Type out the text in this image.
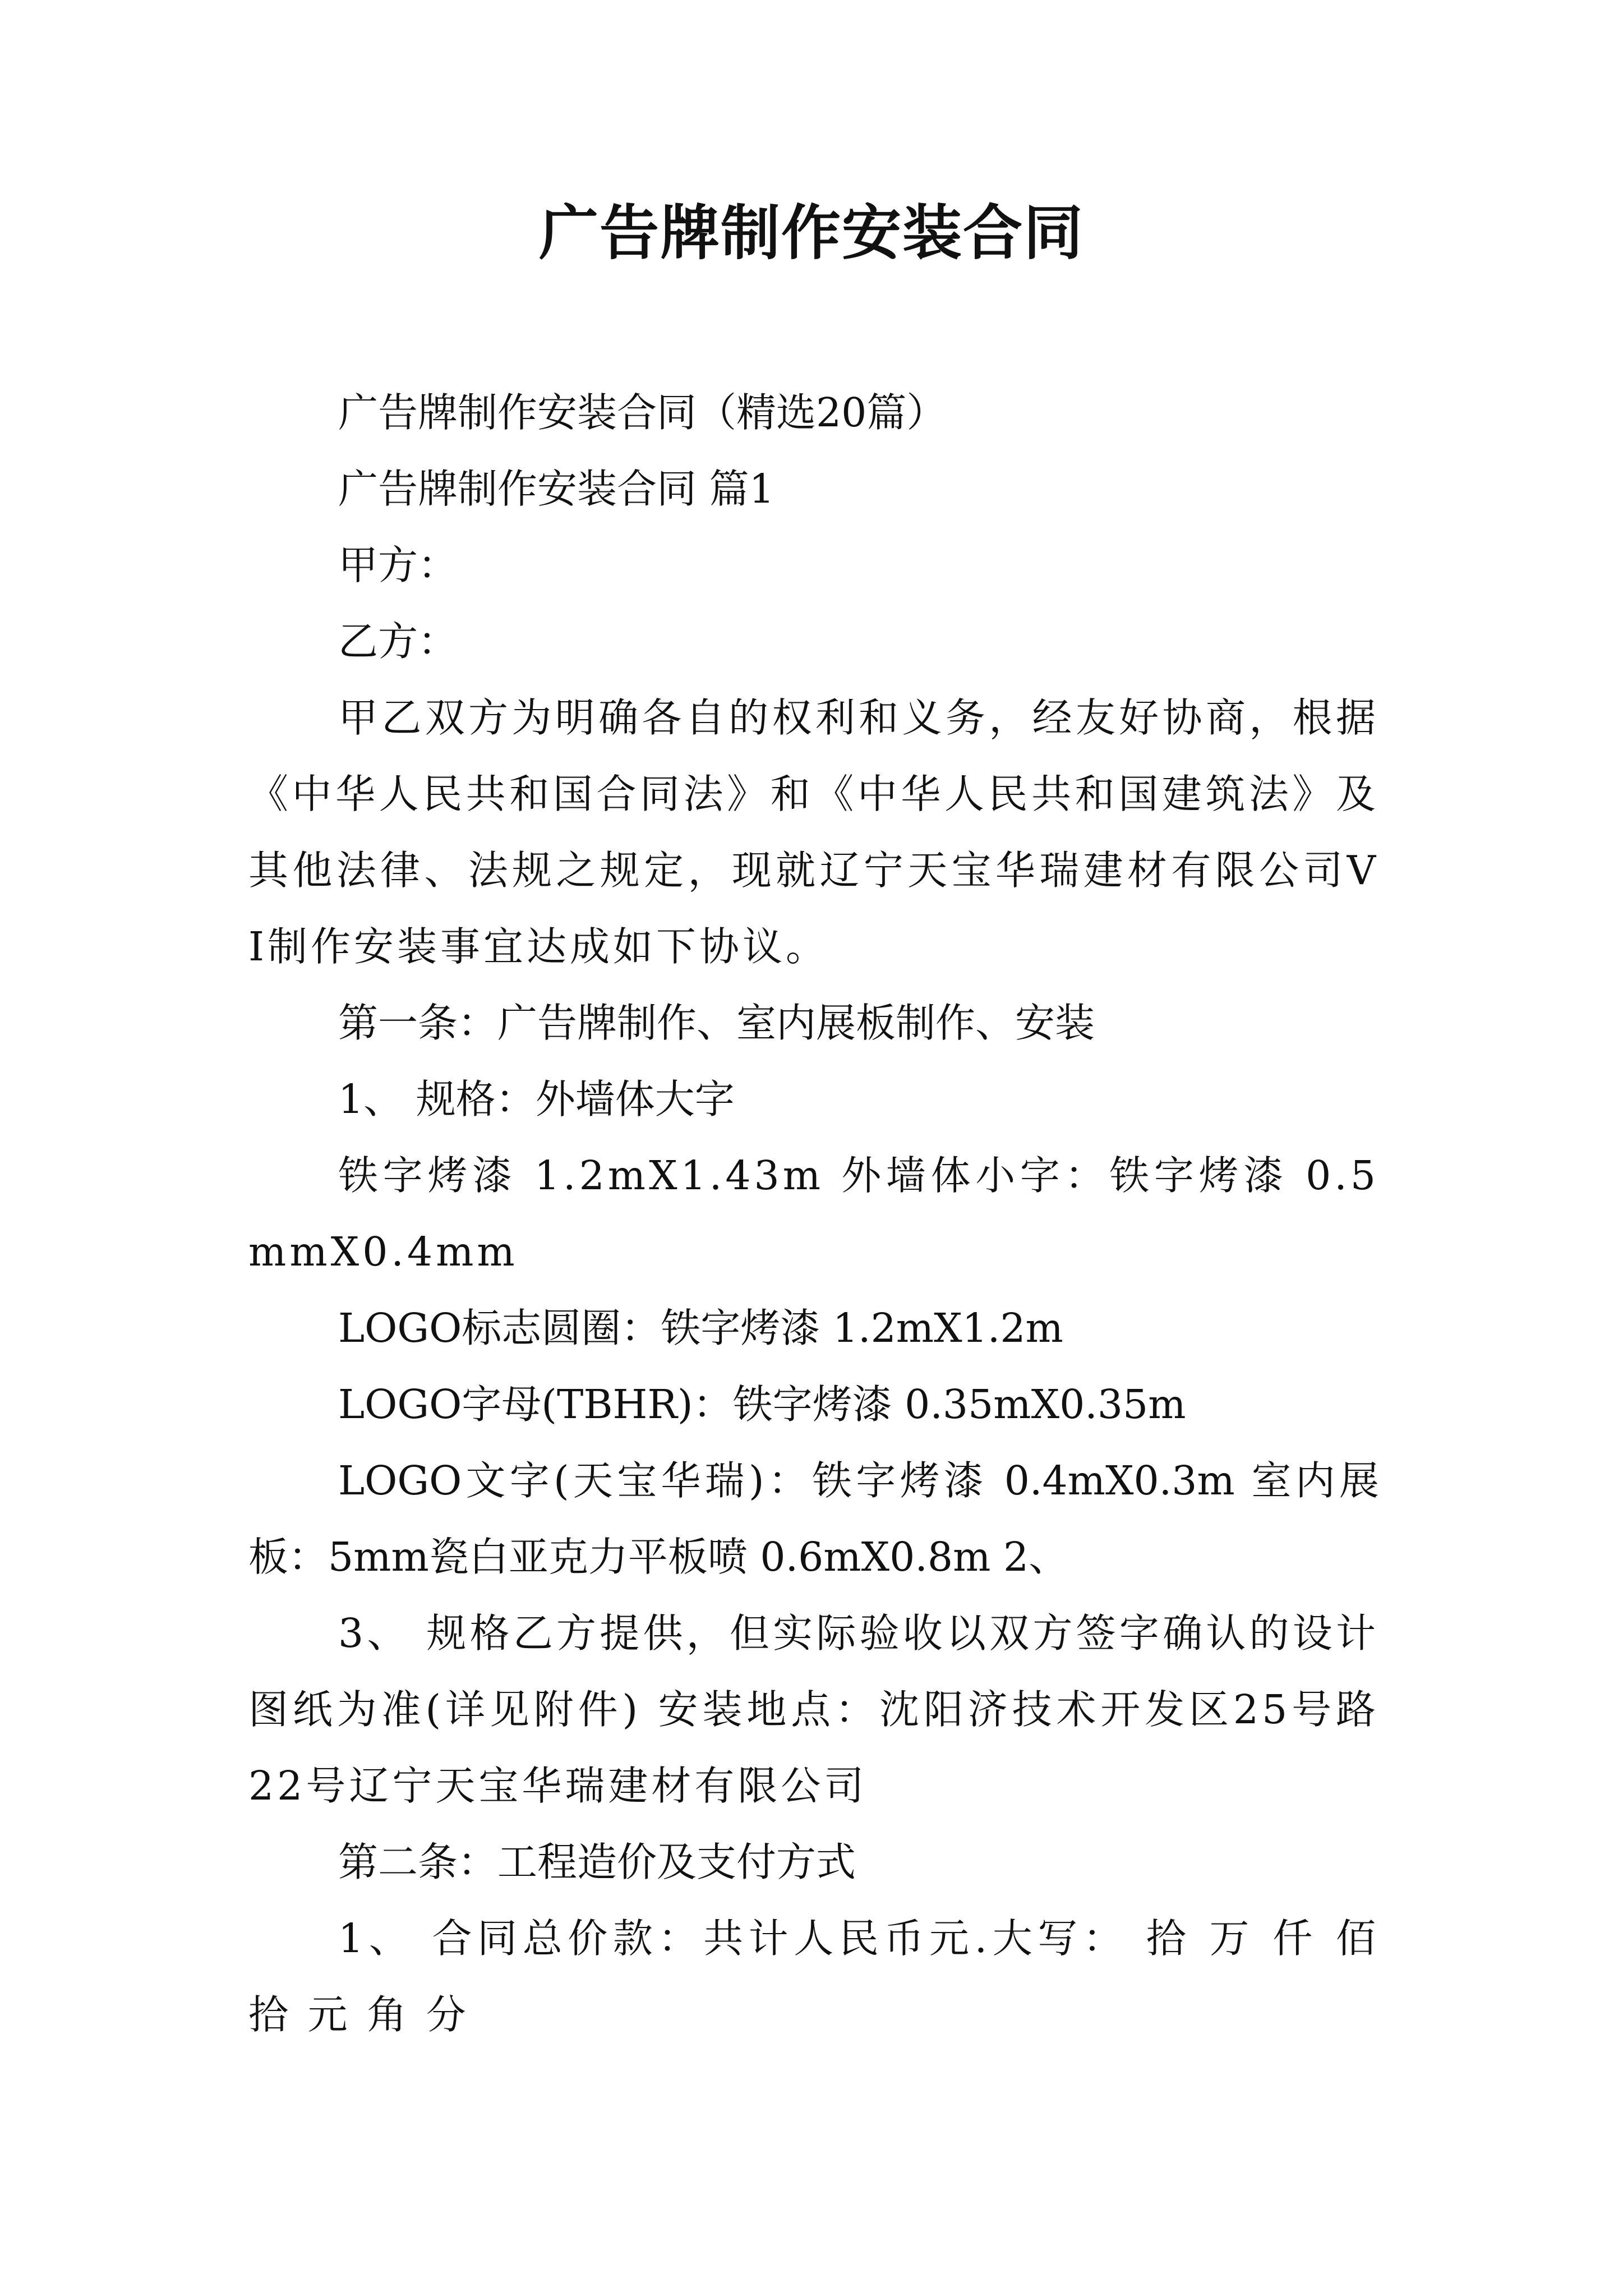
广告牌制作安装合同

广告牌制作安装合同（精选20篇）

广告牌制作安装合同 篇1

甲方：

乙方：

甲乙双方为明确各自的权利和义务，经友好协商，根据《中华人民共和国合同法》和《中华人民共和国建筑法》及其他法律、法规之规定，现就辽宁天宝华瑞建材有限公司VI制作安装事宜达成如下协议。

第一条：广告牌制作、室内展板制作、安装

1、 规格：外墙体大字

铁字烤漆 1.2mX1.43m 外墙体小字：铁字烤漆 0.5mmX0.4mm

LOGO标志圆圈：铁字烤漆 1.2mX1.2m

LOGO字母(TBHR)：铁字烤漆 0.35mX0.35m

LOGO文字(天宝华瑞)：铁字烤漆 0.4mX0.3m 室内展板：5mm瓷白亚克力平板喷 0.6mX0.8m 2、

3、 规格乙方提供，但实际验收以双方签字确认的设计图纸为准(详见附件) 安装地点：沈阳济技术开发区25号路22号辽宁天宝华瑞建材有限公司

第二条：工程造价及支付方式

1、 合同总价款：共计人民币元.大写： 拾 万 仟 佰 拾 元 角 分
